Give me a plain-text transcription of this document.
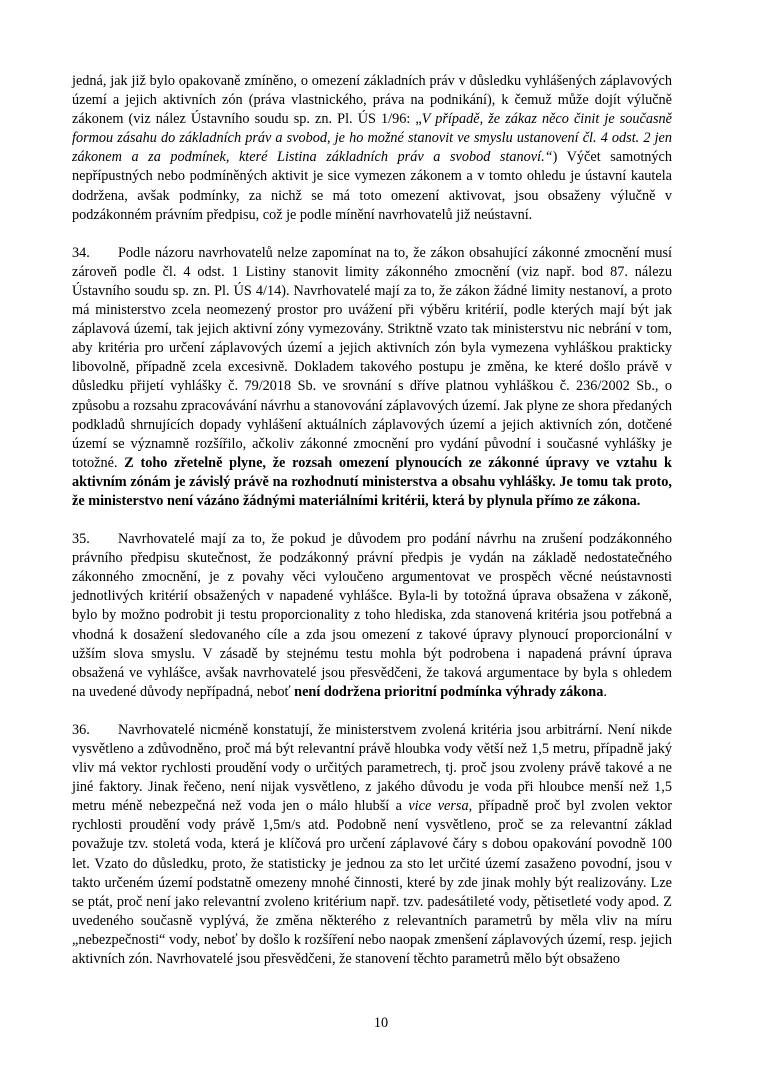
jedná, jak již bylo opakovaně zmíněno, o omezení základních práv v důsledku vyhlášených záplavových území a jejich aktivních zón (práva vlastnického, práva na podnikání), k čemuž může dojít výlučně zákonem (viz nález Ústavního soudu sp. zn. Pl. ÚS 1/96: „V případě, že zákaz něco činit je současně formou zásahu do základních práv a svobod, je ho možné stanovit ve smyslu ustanovení čl. 4 odst. 2 jen zákonem a za podmínek, které Listina základních práv a svobod stanoví.“) Výčet samotných nepřípustných nebo podmíněných aktivit je sice vymezen zákonem a v tomto ohledu je ústavní kautela dodržena, avšak podmínky, za nichž se má toto omezení aktivovat, jsou obsaženy výlučně v podzákonném právním předpisu, což je podle mínění navrhovatelů již neústavní.

34. Podle názoru navrhovatelů nelze zapomínat na to, že zákon obsahující zákonné zmocnění musí zároveň podle čl. 4 odst. 1 Listiny stanovit limity zákonného zmocnění (viz např. bod 87. nálezu Ústavního soudu sp. zn. Pl. ÚS 4/14). Navrhovatelé mají za to, že zákon žádné limity nestanoví, a proto má ministerstvo zcela neomezený prostor pro uvážení při výběru kritérií, podle kterých mají být jak záplavová území, tak jejich aktivní zóny vymezovány. Striktně vzato tak ministerstvu nic nebrání v tom, aby kritéria pro určení záplavových území a jejich aktivních zón byla vymezena vyhláškou prakticky libovolně, případně zcela excesivně. Dokladem takového postupu je změna, ke které došlo právě v důsledku přijetí vyhlášky č. 79/2018 Sb. ve srovnání s dříve platnou vyhláškou č. 236/2002 Sb., o způsobu a rozsahu zpracovávání návrhu a stanovování záplavových území. Jak plyne ze shora předaných podkladů shrnujících dopady vyhlášení aktuálních záplavových území a jejich aktivních zón, dotčené území se významně rozšířilo, ačkoliv zákonné zmocnění pro vydání původní i současné vyhlášky je totožné. Z toho zřetelně plyne, že rozsah omezení plynoucích ze zákonné úpravy ve vztahu k aktivním zónám je závislý právě na rozhodnutí ministerstva a obsahu vyhlášky. Je tomu tak proto, že ministerstvo není vázáno žádnými materiálními kritérii, která by plynula přímo ze zákona.

35. Navrhovatelé mají za to, že pokud je důvodem pro podání návrhu na zrušení podzákonného právního předpisu skutečnost, že podzákonný právní předpis je vydán na základě nedostatečného zákonného zmocnění, je z povahy věci vyloučeno argumentovat ve prospěch věcné neústavnosti jednotlivých kritérií obsažených v napadené vyhlášce. Byla-li by totožná úprava obsažena v zákoně, bylo by možno podrobit ji testu proporcionality z toho hlediska, zda stanovená kritéria jsou potřebná a vhodná k dosažení sledovaného cíle a zda jsou omezení z takové úpravy plynoucí proporcionální v užším slova smyslu. V zásadě by stejnému testu mohla být podrobena i napadená právní úprava obsažená ve vyhlášce, avšak navrhovatelé jsou přesvědčeni, že taková argumentace by byla s ohledem na uvedené důvody nepřípadná, neboť není dodržena prioritní podmínka výhrady zákona.

36. Navrhovatelé nicméně konstatují, že ministerstvem zvolená kritéria jsou arbitrární. Není nikde vysvětleno a zdůvodněno, proč má být relevantní právě hloubka vody větší než 1,5 metru, případně jaký vliv má vektor rychlosti proudění vody o určitých parametrech, tj. proč jsou zvoleny právě takové a ne jiné faktory. Jinak řečeno, není nijak vysvětleno, z jakého důvodu je voda při hloubce menší než 1,5 metru méně nebezpečná než voda jen o málo hlubší a vice versa, případně proč byl zvolen vektor rychlosti proudění vody právě 1,5m/s atd. Podobně není vysvětleno, proč se za relevantní základ považuje tzv. stoletá voda, která je klíčová pro určení záplavové čáry s dobou opakování povodně 100 let. Vzato do důsledku, proto, že statisticky je jednou za sto let určité území zasaženo povodní, jsou v takto určeném území podstatně omezeny mnohé činnosti, které by zde jinak mohly být realizovány. Lze se ptát, proč není jako relevantní zvoleno kritérium např. tzv. padesátileté vody, pětisetleté vody apod. Z uvedeného současně vyplývá, že změna některého z relevantních parametrů by měla vliv na míru „nebezpečnosti“ vody, neboť by došlo k rozšíření nebo naopak zmenšení záplavových území, resp. jejich aktivních zón. Navrhovatelé jsou přesvědčeni, že stanovení těchto parametrů mělo být obsaženo

10
